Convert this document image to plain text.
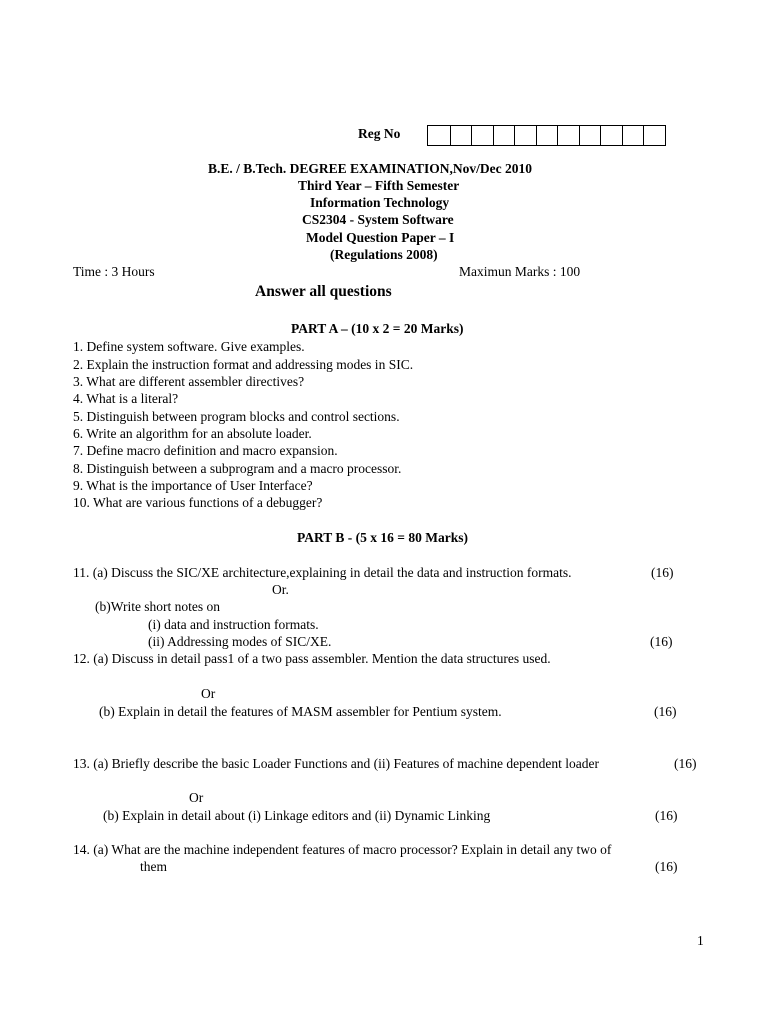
Reg No
B.E. / B.Tech. DEGREE EXAMINATION,Nov/Dec 2010
Third Year – Fifth Semester
Information Technology
CS2304 - System Software
Model Question Paper – I
(Regulations 2008)
Time : 3 Hours	Maximun Marks : 100
Answer all questions
PART A – (10 x 2 = 20 Marks)
1. Define system software. Give examples.
2. Explain the instruction format and addressing modes in SIC.
3. What are different assembler directives?
4. What is a literal?
5. Distinguish between program blocks and control sections.
6. Write an algorithm for an absolute loader.
7. Define macro definition and macro expansion.
8. Distinguish between a subprogram and a macro processor.
9. What is the importance of User Interface?
10. What are various functions of a debugger?
PART B - (5 x 16 = 80 Marks)
11. (a) Discuss the SIC/XE architecture,explaining in detail the data and instruction formats.	(16)
Or.
(b)Write short notes on
(i) data and instruction formats.
(ii) Addressing modes of SIC/XE.	(16)
12. (a) Discuss in detail pass1 of a two pass assembler. Mention the data structures used.
Or
(b) Explain in detail the features of MASM assembler for Pentium system.	(16)
13. (a) Briefly describe the basic Loader Functions and (ii) Features of machine dependent loader	(16)
Or
(b) Explain in detail about (i) Linkage editors and (ii) Dynamic Linking	(16)
14. (a) What are the machine independent features of macro processor? Explain in detail any two of
them	(16)
1
